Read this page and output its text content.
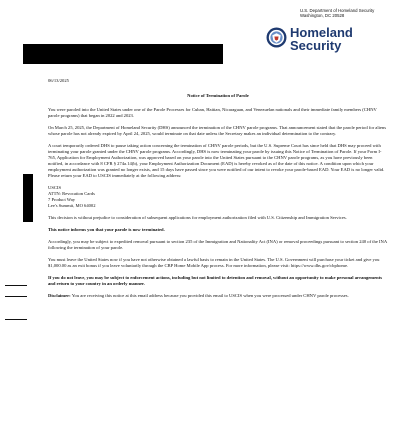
U.S. Department of Homeland Security
Washington, DC 20528
Homeland
Security
06/13/2025
Notice of Termination of Parole

You were paroled into the United States under one of the Parole Processes for Cuban, Haitian, Nicaraguan, and Venezuelan nationals and their immediate family members (CHNV parole programs) that began in 2022 and 2023.

On March 25, 2025, the Department of Homeland Security (DHS) announced the termination of the CHNV parole programs. That announcement stated that the parole period for aliens whose parole has not already expired by April 24, 2025, would terminate on that date unless the Secretary makes an individual determination to the contrary.

A court temporarily ordered DHS to pause taking action concerning the termination of CHNV parole periods, but the U.S. Supreme Court has since held that DHS may proceed with terminating your parole granted under the CHNV parole programs. Accordingly, DHS is now terminating your parole by issuing this Notice of Termination of Parole. If your Form I-765, Application for Employment Authorization, was approved based on your parole into the United States pursuant to the CHNV parole programs, as you have previously been notified, in accordance with 8 CFR § 274a.14(b), your Employment Authorization Document (EAD) is hereby revoked as of the date of this notice. A condition upon which your employment authorization was granted no longer exists, and 15 days have passed since you were notified of our intent to revoke your parole-based EAD. Your EAD is no longer valid. Please return your EAD to USCIS immediately at the following address:

USCIS
ATTN: Revocation Cards
7 Product Way
Lee's Summit, MO 64002

This decision is without prejudice to consideration of subsequent applications for employment authorization filed with U.S. Citizenship and Immigration Services.

This notice informs you that your parole is now terminated.

Accordingly, you may be subject to expedited removal pursuant to section 235 of the Immigration and Nationality Act (INA) or removal proceedings pursuant to section 240 of the INA following the termination of your parole.

You must leave the United States now if you have not otherwise obtained a lawful basis to remain in the United States. The U.S. Government will purchase your ticket and give you $1,000.00 as an exit bonus if you leave voluntarily through the CBP Home Mobile App process. For more information, please visit: https://www.dhs.gov/cbphome.

If you do not leave, you may be subject to enforcement actions, including but not limited to detention and removal, without an opportunity to make personal arrangements and return to your country in an orderly manner.

Disclaimer: You are receiving this notice at this email address because you provided this email to USCIS when you were processed under CHNV parole processes.
